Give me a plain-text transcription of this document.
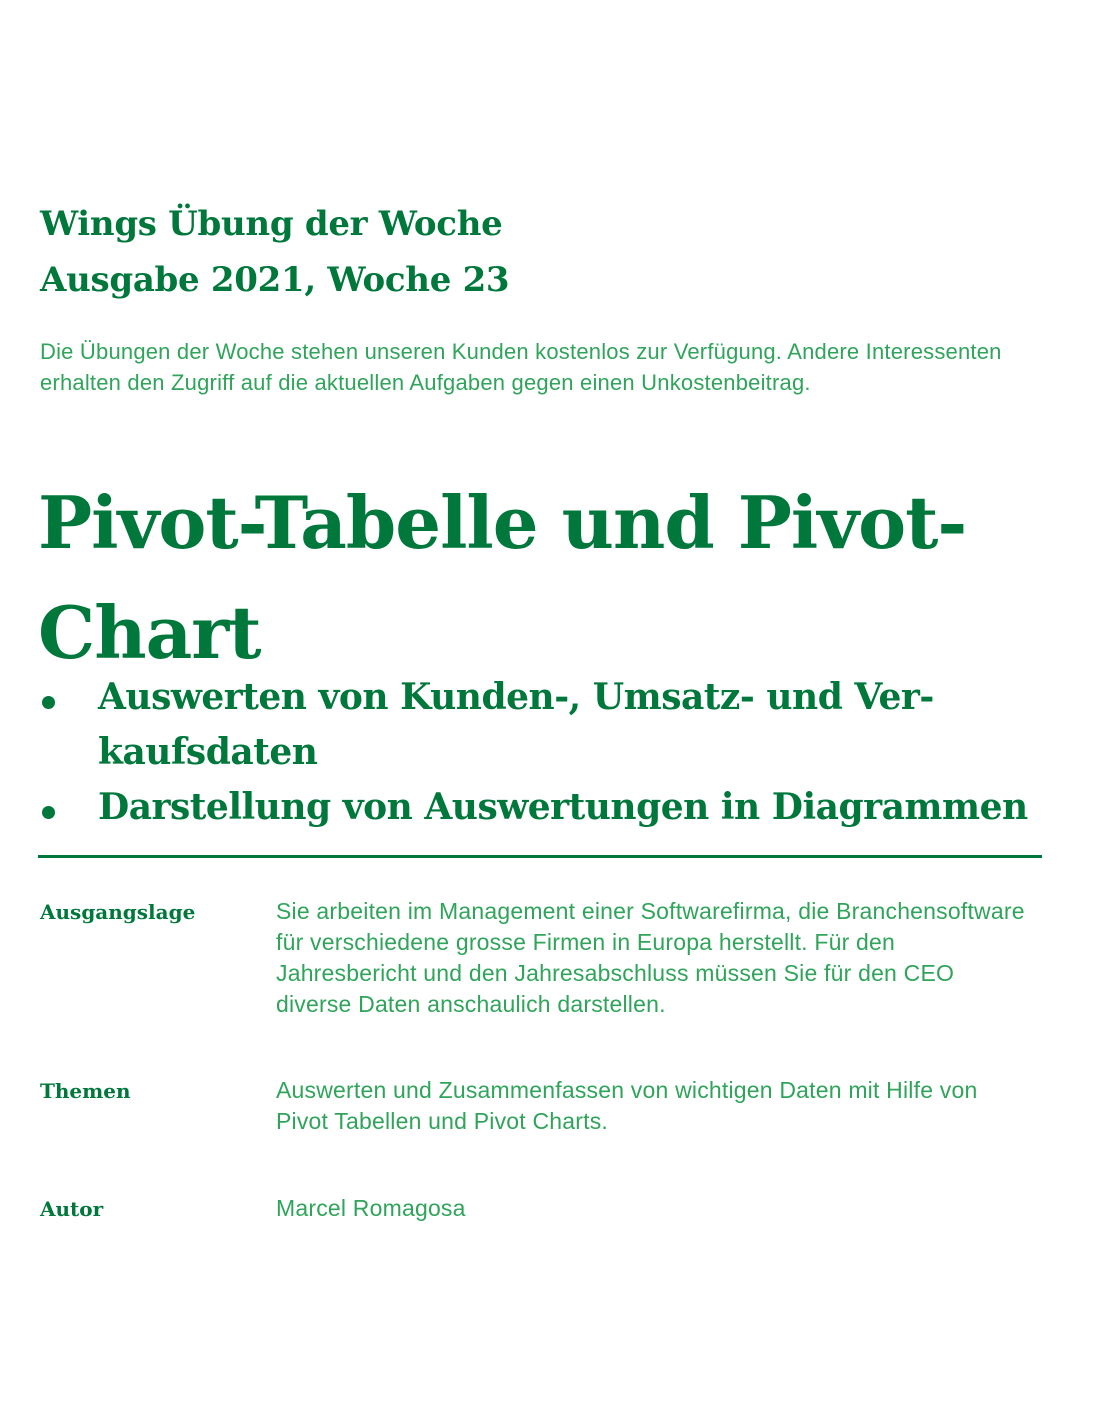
Wings Übung der Woche
Ausgabe 2021, Woche 23
Die Übungen der Woche stehen unseren Kunden kostenlos zur Verfügung. Andere Interessenten erhalten den Zugriff auf die aktuellen Aufgaben gegen einen Unkostenbeitrag.
Pivot-Tabelle und Pivot-Chart
Auswerten von Kunden-, Umsatz- und Verkaufsdaten
Darstellung von Auswertungen in Diagrammen
Ausgangslage	Sie arbeiten im Management einer Softwarefirma, die Branchensoftware für verschiedene grosse Firmen in Europa herstellt. Für den Jahresbericht und den Jahresabschluss müssen Sie für den CEO diverse Daten anschaulich darstellen.
Themen	Auswerten und Zusammenfassen von wichtigen Daten mit Hilfe von Pivot Tabellen und Pivot Charts.
Autor	Marcel Romagosa
